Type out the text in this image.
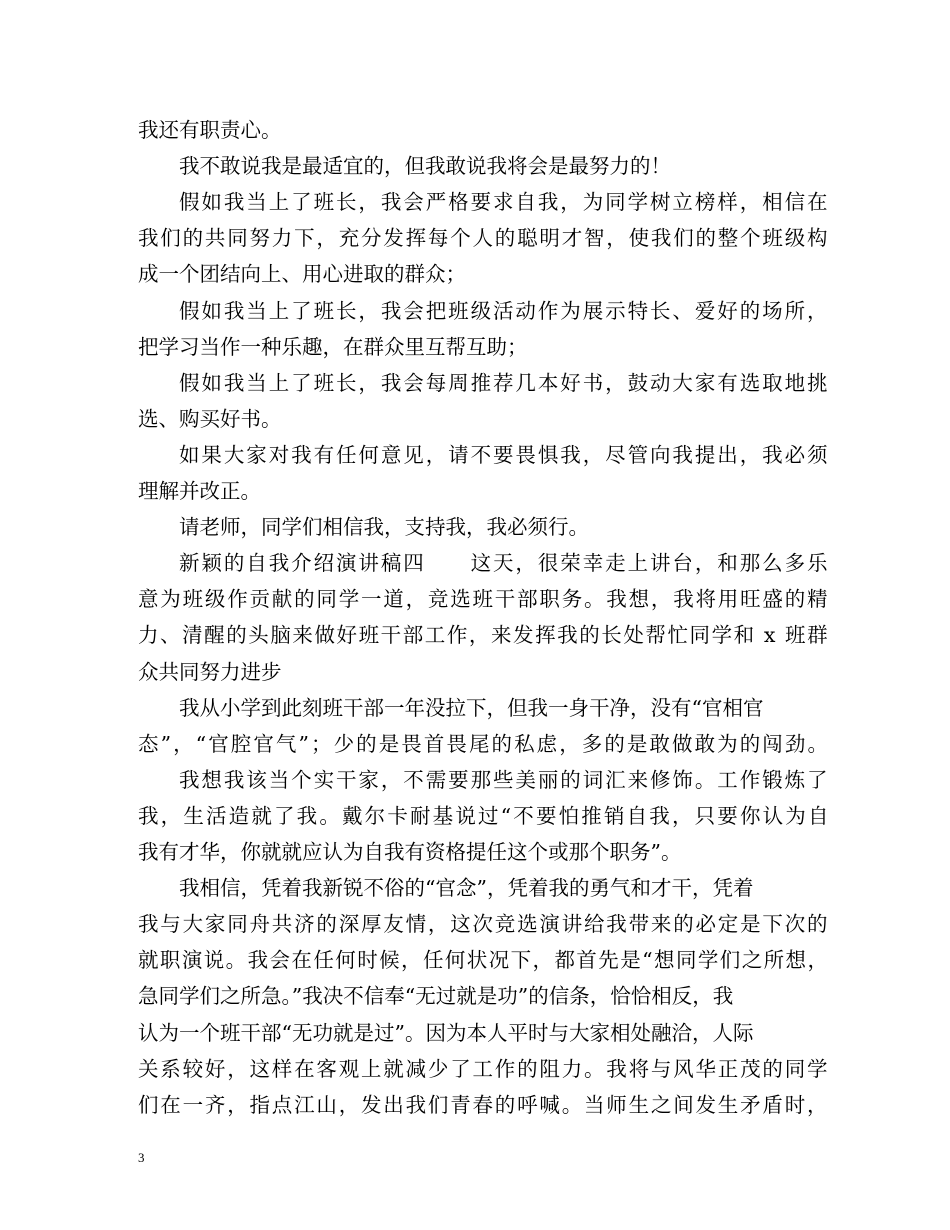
我还有职责心。
我不敢说我是最适宜的，但我敢说我将会是最努力的！
假如我当上了班长，我会严格要求自我，为同学树立榜样，相信在
我们的共同努力下，充分发挥每个人的聪明才智，使我们的整个班级构
成一个团结向上、用心进取的群众；
假如我当上了班长，我会把班级活动作为展示特长、爱好的场所，
把学习当作一种乐趣，在群众里互帮互助；
假如我当上了班长，我会每周推荐几本好书，鼓动大家有选取地挑
选、购买好书。
如果大家对我有任何意见，请不要畏惧我，尽管向我提出，我必须
理解并改正。
请老师，同学们相信我，支持我，我必须行。
新颖的自我介绍演讲稿四　　这天，很荣幸走上讲台，和那么多乐
意为班级作贡献的同学一道，竞选班干部职务。我想，我将用旺盛的精
力、清醒的头脑来做好班干部工作，来发挥我的长处帮忙同学和 x 班群
众共同努力进步
我从小学到此刻班干部一年没拉下，但我一身干净，没有“官相官
态”，“官腔官气”；少的是畏首畏尾的私虑，多的是敢做敢为的闯劲。
我想我该当个实干家，不需要那些美丽的词汇来修饰。工作锻炼了
我，生活造就了我。戴尔卡耐基说过“不要怕推销自我，只要你认为自
我有才华，你就就应认为自我有资格提任这个或那个职务”。
我相信，凭着我新锐不俗的“官念”，凭着我的勇气和才干，凭着
我与大家同舟共济的深厚友情，这次竞选演讲给我带来的必定是下次的
就职演说。我会在任何时候，任何状况下，都首先是“想同学们之所想，
急同学们之所急。”我决不信奉“无过就是功”的信条，恰恰相反，我
认为一个班干部“无功就是过”。因为本人平时与大家相处融洽，人际
关系较好，这样在客观上就减少了工作的阻力。我将与风华正茂的同学
们在一齐，指点江山，发出我们青春的呼喊。当师生之间发生矛盾时，
3
